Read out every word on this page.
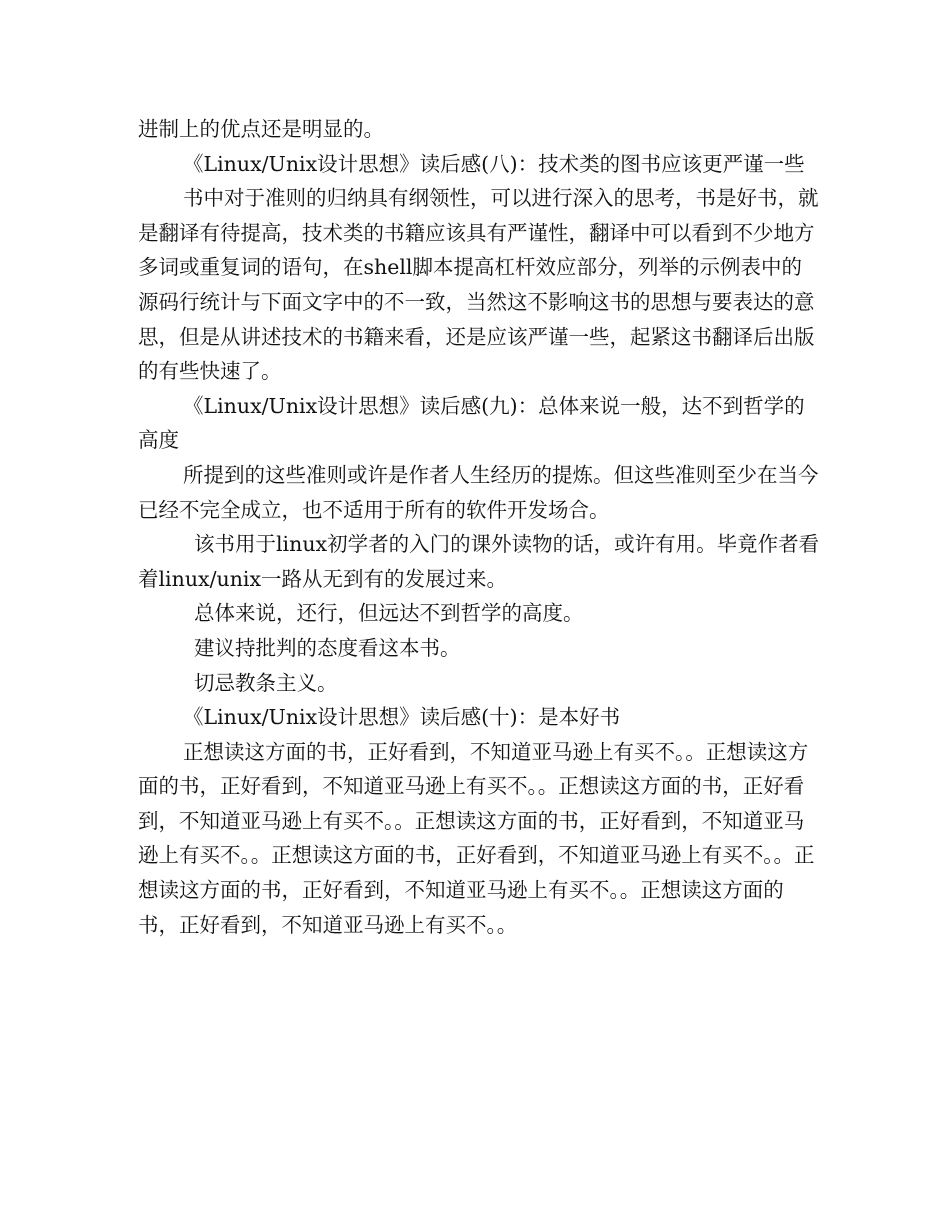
进制上的优点还是明显的。

《Linux/Unix设计思想》读后感(八)：技术类的图书应该更严谨一些

书中对于准则的归纳具有纲领性，可以进行深入的思考，书是好书，就是翻译有待提高，技术类的书籍应该具有严谨性，翻译中可以看到不少地方多词或重复词的语句，在shell脚本提高杠杆效应部分，列举的示例表中的源码行统计与下面文字中的不一致，当然这不影响这书的思想与要表达的意思，但是从讲述技术的书籍来看，还是应该严谨一些，起紧这书翻译后出版的有些快速了。

《Linux/Unix设计思想》读后感(九)：总体来说一般，达不到哲学的高度

所提到的这些准则或许是作者人生经历的提炼。但这些准则至少在当今已经不完全成立，也不适用于所有的软件开发场合。

该书用于linux初学者的入门的课外读物的话，或许有用。毕竟作者看着linux/unix一路从无到有的发展过来。

总体来说，还行，但远达不到哲学的高度。

建议持批判的态度看这本书。

切忌教条主义。

《Linux/Unix设计思想》读后感(十)：是本好书

正想读这方面的书，正好看到，不知道亚马逊上有买不。。正想读这方面的书，正好看到，不知道亚马逊上有买不。。正想读这方面的书，正好看到，不知道亚马逊上有买不。。正想读这方面的书，正好看到，不知道亚马逊上有买不。。正想读这方面的书，正好看到，不知道亚马逊上有买不。。正想读这方面的书，正好看到，不知道亚马逊上有买不。。正想读这方面的书，正好看到，不知道亚马逊上有买不。。
